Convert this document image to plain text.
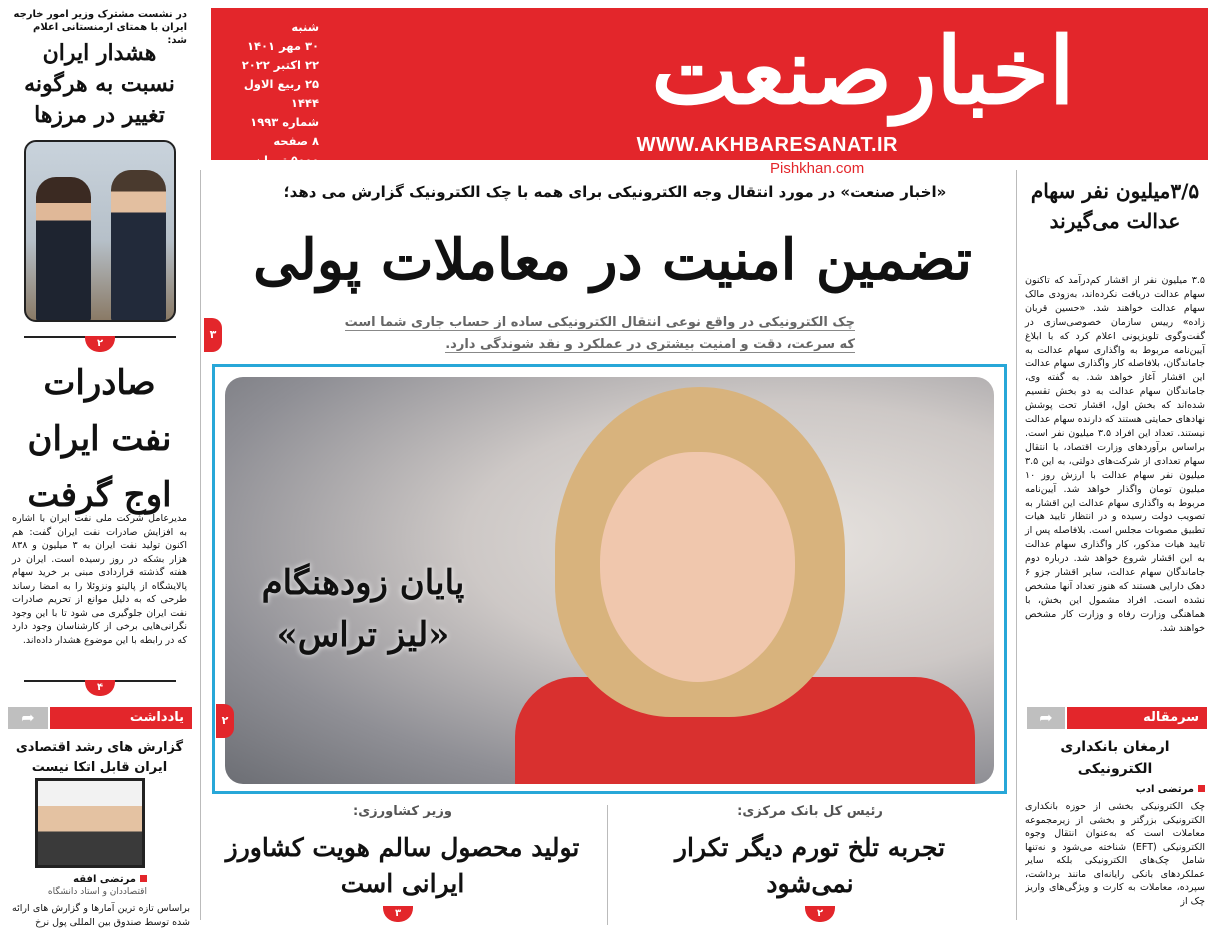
اخبارصنعت
WWW.AKHBARESANAT.IR
شنبه
۳۰ مهر ۱۴۰۱
۲۲ اکتبر ۲۰۲۲
۲۵ ربیع الاول ۱۴۴۴
شماره ۱۹۹۳
۸ صفحه
۵۰۰۰ تومان	Pishkhan.com
در نشست مشترک وزیر امور خارجه ایران با همتای ارمنستانی اعلام شد:
هشدار ایران نسبت به هرگونه تغییر در مرزها
۲
صادرات نفت ایران اوج گرفت
مدیرعامل شرکت ملی نفت ایران با اشاره به افزایش صادرات نفت ایران گفت: هم اکنون تولید نفت ایران به ۳ میلیون و ۸۳۸ هزار بشکه در روز رسیده است. ایران در هفته گذشته قراردادی مبنی بر خرید سهام پالایشگاه از پالیتو ونزوئلا را به امضا رساند طرحی که به دلیل موانع از تحریم صادرات نفت ایران جلوگیری می شود تا با این وجود نگرانی‌هایی برخی از کارشناسان وجود دارد که در رابطه با این موضوع هشدار داده‌اند.
۴
➦	یادداشت
گزارش های رشد اقتصادی ایران قابل اتکا نیست
مرتضی افقه
اقتصاددان و استاد دانشگاه
براساس تازه ترین آمارها و گزارش های ارائه شده توسط صندوق بین المللی پول نرخ
«اخبار صنعت» در مورد انتقال وجه الکترونیکی برای همه با چک الکترونیک گزارش می دهد؛
تضمین امنیت در معاملات پولی
چک الکترونیکی در واقع نوعی انتقال الکترونیکی ساده از حساب جاری شما است
که سرعت، دقت و امنیت بیشتری در عملکرد و نقد شوندگی دارد.
۳
پایان زودهنگام «لیز تراس»
۲
رئیس کل بانک مرکزی:
تجربه تلخ تورم دیگر تکرار نمی‌شود
۲
وزیر کشاورزی:
تولید محصول سالم هویت کشاورز ایرانی است
۳
۳/۵میلیون نفر سهام عدالت می‌گیرند
۳.۵ میلیون نفر از اقشار کم‌درآمد که تاکنون سهام عدالت دریافت نکرده‌اند، به‌زودی مالک سهام عدالت خواهند شد. «حسین قربان زاده» رییس سازمان خصوصی‌سازی در گفت‌وگوی تلویزیونی اعلام کرد که با ابلاغ آیین‌نامه مربوط به واگذاری سهام عدالت به جاماندگان، بلافاصله کار واگذاری سهام عدالت این اقشار آغاز خواهد شد. به گفته وی، جاماندگان سهام عدالت به دو بخش تقسیم شده‌اند که بخش اول، اقشار تحت پوشش نهادهای حمایتی هستند که دارنده سهام عدالت نیستند. تعداد این افراد ۳.۵ میلیون نفر است. براساس برآوردهای وزارت اقتصاد، با انتقال سهام تعدادی از شرکت‌های دولتی، به این ۳.۵ میلیون نفر سهام عدالت با ارزش روز ۱۰ میلیون تومان واگذار خواهد شد. آیین‌نامه مربوط به واگذاری سهام عدالت این اقشار به تصویب دولت رسیده و در انتظار تایید هیات تطبیق مصوبات مجلس است. بلافاصله پس از تایید هیات مذکور، کار واگذاری سهام عدالت به این اقشار شروع خواهد شد. درباره دوم جاماندگان سهام عدالت، سایر اقشار جزو ۶ دهک دارایی هستند که هنوز تعداد آنها مشخص نشده است. افراد مشمول این بخش، با هماهنگی وزارت رفاه و وزارت کار مشخص خواهند شد.
➦	سرمقاله
ارمغان بانکداری الکترونیکی
مرتضی ادب
چک الکترونیکی بخشی از حوزه بانکداری الکترونیکی بزرگتر و بخشی از زیرمجموعه معاملات است که به‌عنوان انتقال وجوه الکترونیکی (EFT) شناخته می‌شود و نه‌تنها شامل چک‌های الکترونیکی بلکه سایر عملکردهای بانکی رایانه‌ای مانند برداشت، سپرده، معاملات به کارت و ویژگی‌های واریز چک از
